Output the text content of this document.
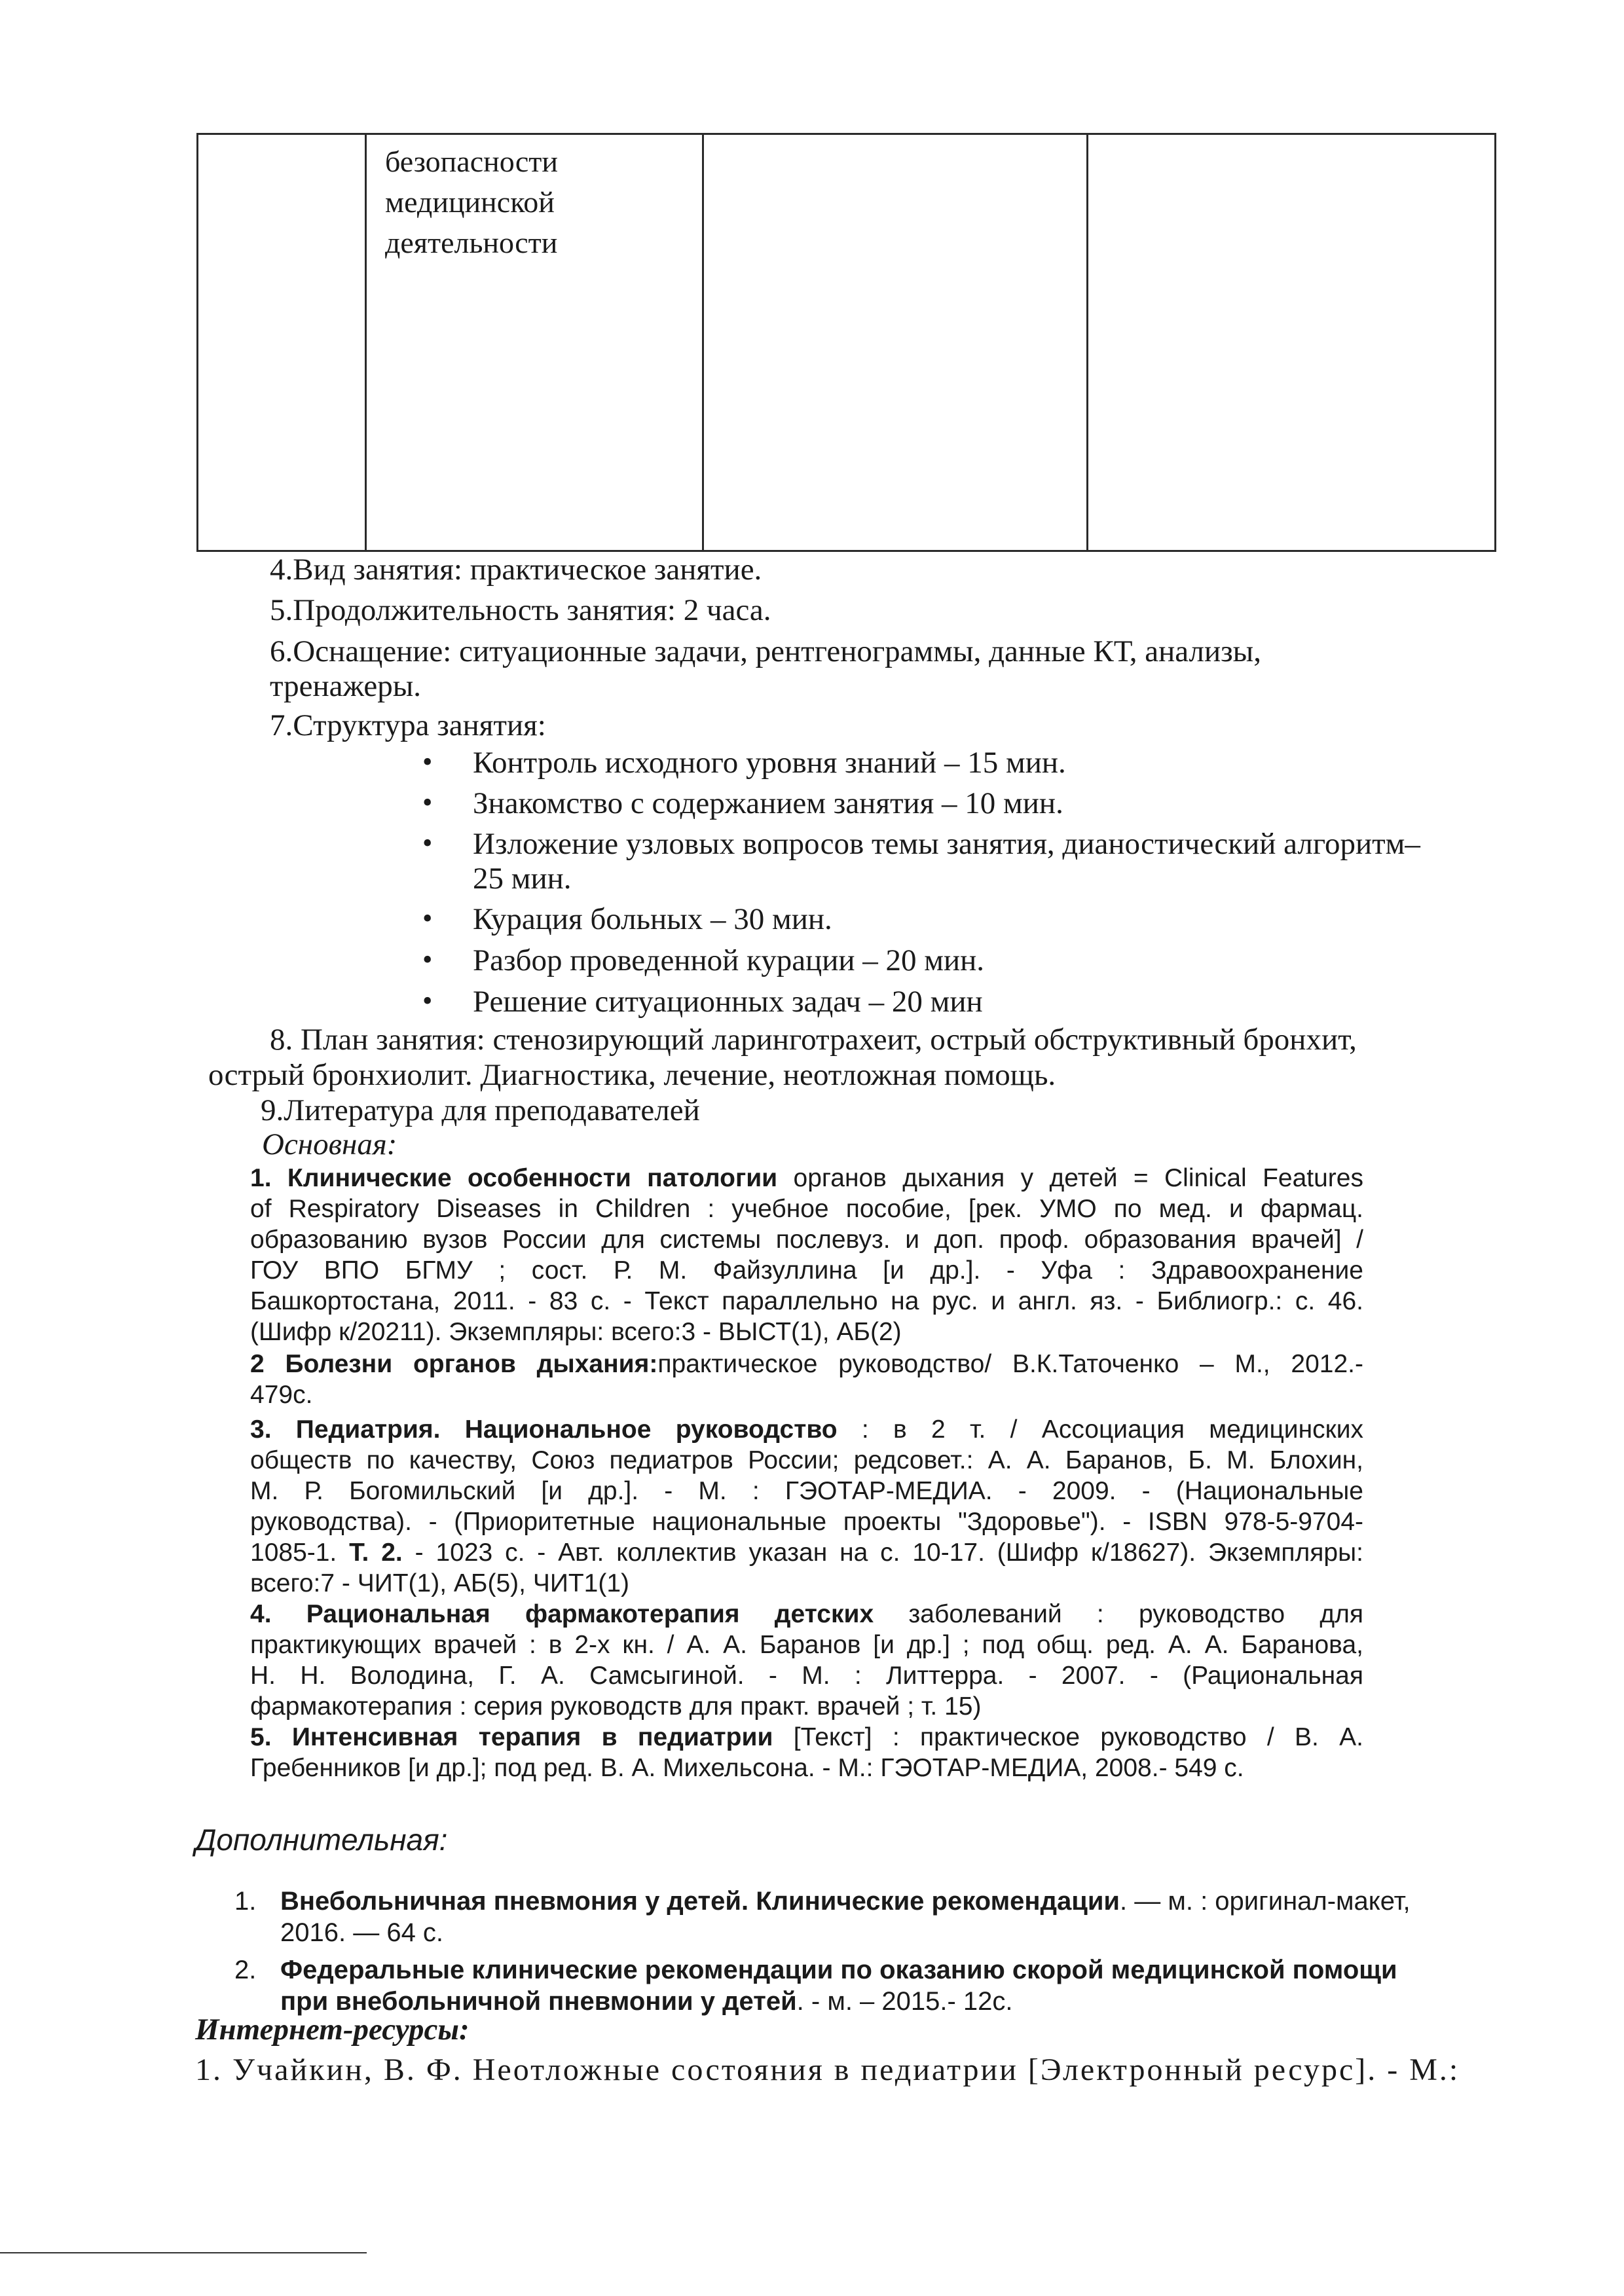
безопасности
медицинской
деятельности
4.Вид занятия: практическое занятие.
5.Продолжительность занятия: 2 часа.
6.Оснащение: ситуационные задачи, рентгенограммы, данные КТ, анализы,
тренажеры.
7.Структура занятия:
• Контроль исходного уровня знаний – 15 мин.
• Знакомство с содержанием занятия – 10 мин.
• Изложение узловых вопросов темы занятия, дианостический алгоритм–
25 мин.
• Курация больных – 30 мин.
• Разбор проведенной курации – 20 мин.
• Решение ситуационных задач – 20 мин
8. План занятия: стенозирующий ларинготрахеит, острый обструктивный бронхит,
острый бронхиолит. Диагностика, лечение, неотложная помощь.
9.Литература для преподавателей
Основная:
1. Клинические особенности патологии органов дыхания у детей = Clinical Features
of Respiratory Diseases in Children : учебное пособие, [рек. УМО по мед. и фармац.
образованию вузов России для системы послевуз. и доп. проф. образования врачей] /
ГОУ ВПО БГМУ ; сост. Р. М. Файзуллина [и др.]. - Уфа : Здравоохранение
Башкортостана, 2011. - 83 с. - Текст параллельно на рус. и англ. яз. - Библиогр.: с. 46.
(Шифр к/20211). Экземпляры: всего:3 - ВЫСТ(1), АБ(2)
2 Болезни органов дыхания:практическое руководство/ В.К.Таточенко – М., 2012.-
479с.
3. Педиатрия. Национальное руководство : в 2 т. / Ассоциация медицинских
обществ по качеству, Союз педиатров России; редсовет.: А. А. Баранов, Б. М. Блохин,
М. Р. Богомильский [и др.]. - М. : ГЭОТАР-МЕДИА. - 2009. - (Национальные
руководства). - (Приоритетные национальные проекты "Здоровье"). - ISBN 978-5-9704-
1085-1. Т. 2. - 1023 с. - Авт. коллектив указан на с. 10-17. (Шифр к/18627). Экземпляры:
всего:7 - ЧИТ(1), АБ(5), ЧИТ1(1)
4. Рациональная фармакотерапия детских заболеваний : руководство для
практикующих врачей : в 2-х кн. / А. А. Баранов [и др.] ; под общ. ред. А. А. Баранова,
Н. Н. Володина, Г. А. Самсыгиной. - М. : Литтерра. - 2007. - (Рациональная
фармакотерапия : серия руководств для практ. врачей ; т. 15)
5. Интенсивная терапия в педиатрии [Текст] : практическое руководство / В. А.
Гребенников [и др.]; под ред. В. А. Михельсона. - М.: ГЭОТАР-МЕДИА, 2008.- 549 с.
Дополнительная:
1. Внебольничная пневмония у детей. Клинические рекомендации. — м. : оригинал-макет,
2016. — 64 с.
2. Федеральные клинические рекомендации по оказанию скорой медицинской помощи
при внебольничной пневмонии у детей. - м. – 2015.- 12с.
Интернет-ресурсы:
1. Учайкин, В. Ф. Неотложные состояния в педиатрии [Электронный ресурс]. - М.:
